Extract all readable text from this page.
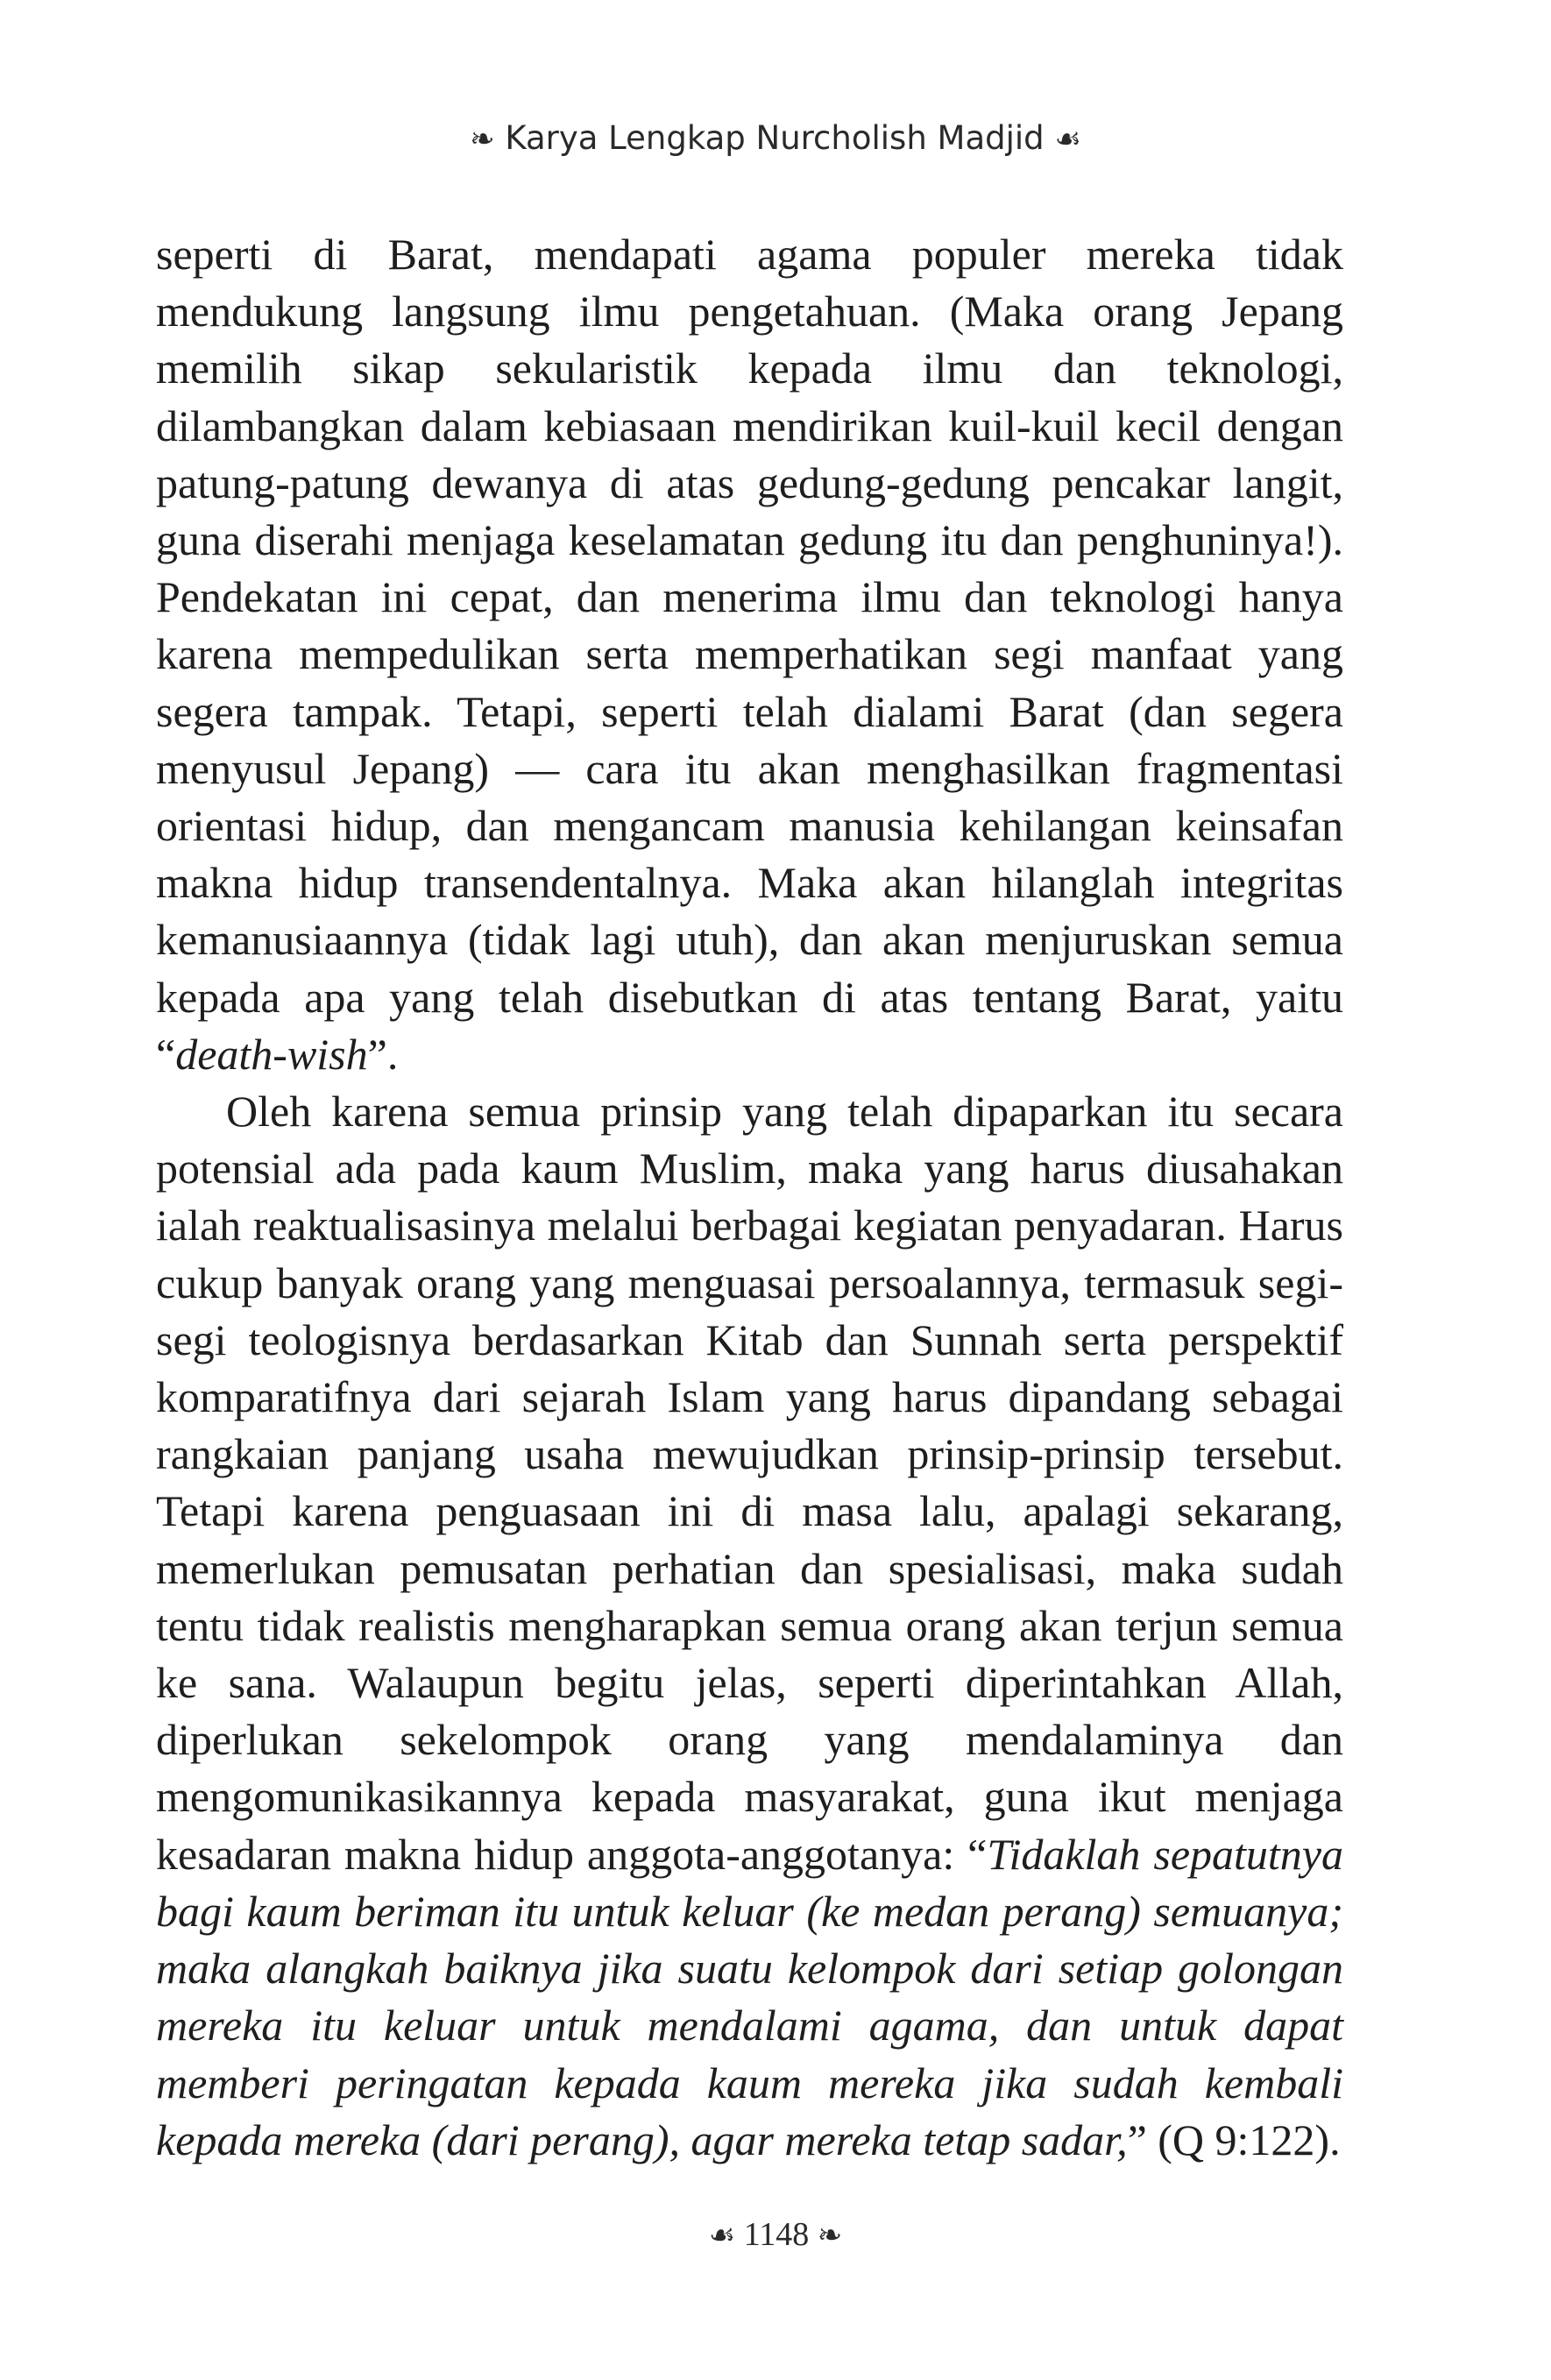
❧ Karya Lengkap Nurcholish Madjid ☙

seperti di Barat, mendapati agama populer mereka tidak mendukung langsung ilmu pengetahuan. (Maka orang Jepang memilih sikap sekularistik kepada ilmu dan teknologi, dilambangkan dalam kebiasaan mendirikan kuil-kuil kecil dengan patung-patung dewanya di atas gedung-gedung pencakar langit, guna diserahi menjaga keselamatan gedung itu dan penghuninya!). Pendekatan ini cepat, dan menerima ilmu dan teknologi hanya karena mempedulikan serta memperhatikan segi manfaat yang segera tampak. Tetapi, seperti telah dialami Barat (dan segera menyusul Jepang) — cara itu akan menghasilkan fragmentasi orientasi hidup, dan mengancam manusia kehilangan keinsafan makna hidup transendentalnya. Maka akan hilanglah integritas kemanusiaannya (tidak lagi utuh), dan akan menjuruskan semua kepada apa yang telah disebutkan di atas tentang Barat, yaitu “death-wish”.

Oleh karena semua prinsip yang telah dipaparkan itu secara potensial ada pada kaum Muslim, maka yang harus diusahakan ialah reaktualisasinya melalui berbagai kegiatan penyadaran. Harus cukup banyak orang yang menguasai persoalannya, termasuk segi-segi teologisnya berdasarkan Kitab dan Sunnah serta perspektif komparatifnya dari sejarah Islam yang harus dipandang sebagai rangkaian panjang usaha mewujudkan prinsip-prinsip tersebut. Tetapi karena penguasaan ini di masa lalu, apalagi sekarang, memerlukan pemusatan perhatian dan spesialisasi, maka sudah tentu tidak realistis mengharapkan semua orang akan terjun semua ke sana. Walaupun begitu jelas, seperti diperintahkan Allah, diperlukan sekelompok orang yang mendalaminya dan mengomunikasikannya kepada masyarakat, guna ikut menjaga kesadaran makna hidup anggota-anggotanya: “Tidaklah sepatutnya bagi kaum beriman itu untuk keluar (ke medan perang) semuanya; maka alangkah baiknya jika suatu kelompok dari setiap golongan mereka itu keluar untuk mendalami agama, dan untuk dapat memberi peringatan kepada kaum mereka jika sudah kembali kepada mereka (dari perang), agar mereka tetap sadar,” (Q 9:122).

☙ 1148 ❧
